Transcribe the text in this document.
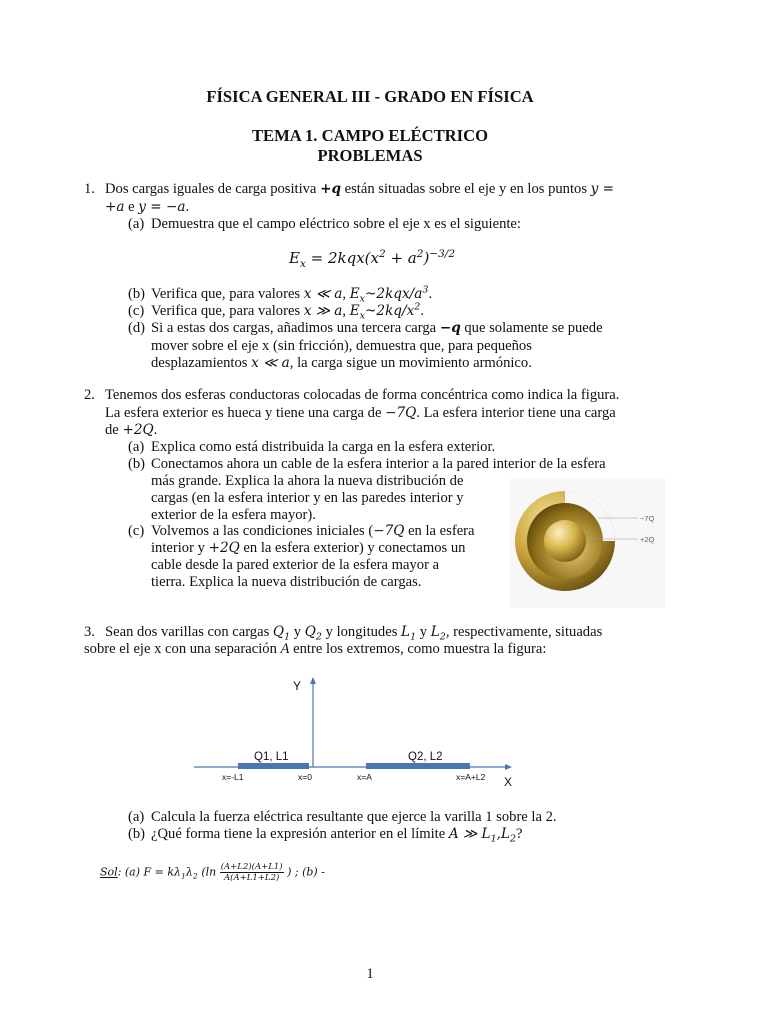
FÍSICA GENERAL III - GRADO EN FÍSICA
TEMA 1. CAMPO ELÉCTRICO
PROBLEMAS
1. Dos cargas iguales de carga positiva +q están situadas sobre el eje y en los puntos y =
+a e y = −a.
(a) Demuestra que el campo eléctrico sobre el eje x es el siguiente:
$E_x = 2kqx(x^2 + a^2)^{-3/2}$
(b) Verifica que, para valores x ≪ a, $E_x\sim 2kqx/a^3$.
(c) Verifica que, para valores x ≫ a, $E_x\sim 2kq/x^2$.
(d) Si a estas dos cargas, añadimos una tercera carga −q que solamente se puede
mover sobre el eje x (sin fricción), demuestra que, para pequeños
desplazamientos x ≪ a, la carga sigue un movimiento armónico.
2. Tenemos dos esferas conductoras colocadas de forma concéntrica como indica la figura.
La esfera exterior es hueca y tiene una carga de −7Q. La esfera interior tiene una carga
de +2Q.
(a) Explica como está distribuida la carga en la esfera exterior.
(b) Conectamos ahora un cable de la esfera interior a la pared interior de la esfera
más grande. Explica la ahora la nueva distribución de
cargas (en la esfera interior y en las paredes interior y
exterior de la esfera mayor).
(c) Volvemos a las condiciones iniciales (−7Q en la esfera
interior y +2Q en la esfera exterior) y conectamos un
cable desde la pared exterior de la esfera mayor a
tierra. Explica la nueva distribución de cargas.
−7Q
+2Q
3. Sean dos varillas con cargas $Q_1$ y $Q_2$ y longitudes $L_1$ y $L_2$, respectivamente, situadas
sobre el eje x con una separación A entre los extremos, como muestra la figura:
Y
X
Q1, L1	Q2, L2
x=-L1	x=0	x=A	x=A+L2
(a) Calcula la fuerza eléctrica resultante que ejerce la varilla 1 sobre la 2.
(b) ¿Qué forma tiene la expresión anterior en el límite A ≫ $L_1,L_2$?
Sol: (a) $F = k\lambda_1\lambda_2$ ($\ln \frac{(A+L2)(A+L1)}{A(A+L1+L2)}$ ) ; (b) -
1
